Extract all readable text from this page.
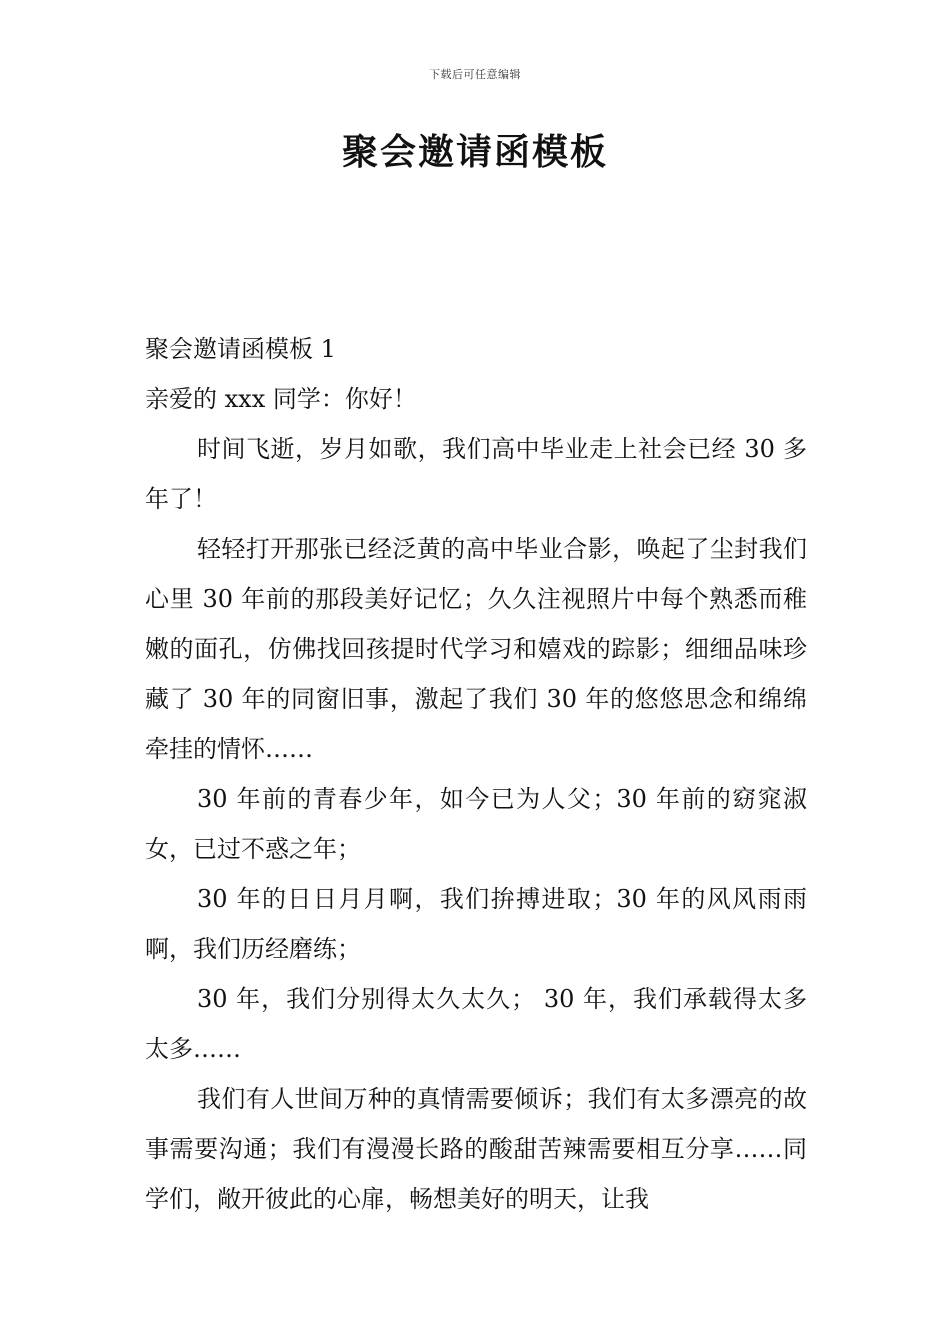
下载后可任意编辑
聚会邀请函模板

聚会邀请函模板 1

亲爱的 xxx 同学：你好！

时间飞逝，岁月如歌，我们高中毕业走上社会已经 30 多年了！

轻轻打开那张已经泛黄的高中毕业合影，唤起了尘封我们心里 30 年前的那段美好记忆；久久注视照片中每个熟悉而稚嫩的面孔，仿佛找回孩提时代学习和嬉戏的踪影；细细品味珍藏了 30 年的同窗旧事，激起了我们 30 年的悠悠思念和绵绵牵挂的情怀……

30 年前的青春少年，如今已为人父；30 年前的窈窕淑女，已过不惑之年；

30 年的日日月月啊，我们拚搏进取；30 年的风风雨雨啊，我们历经磨练；

30 年，我们分别得太久太久； 30 年，我们承载得太多太多……

我们有人世间万种的真情需要倾诉；我们有太多漂亮的故事需要沟通；我们有漫漫长路的酸甜苦辣需要相互分享……同学们，敞开彼此的心扉，畅想美好的明天，让我
